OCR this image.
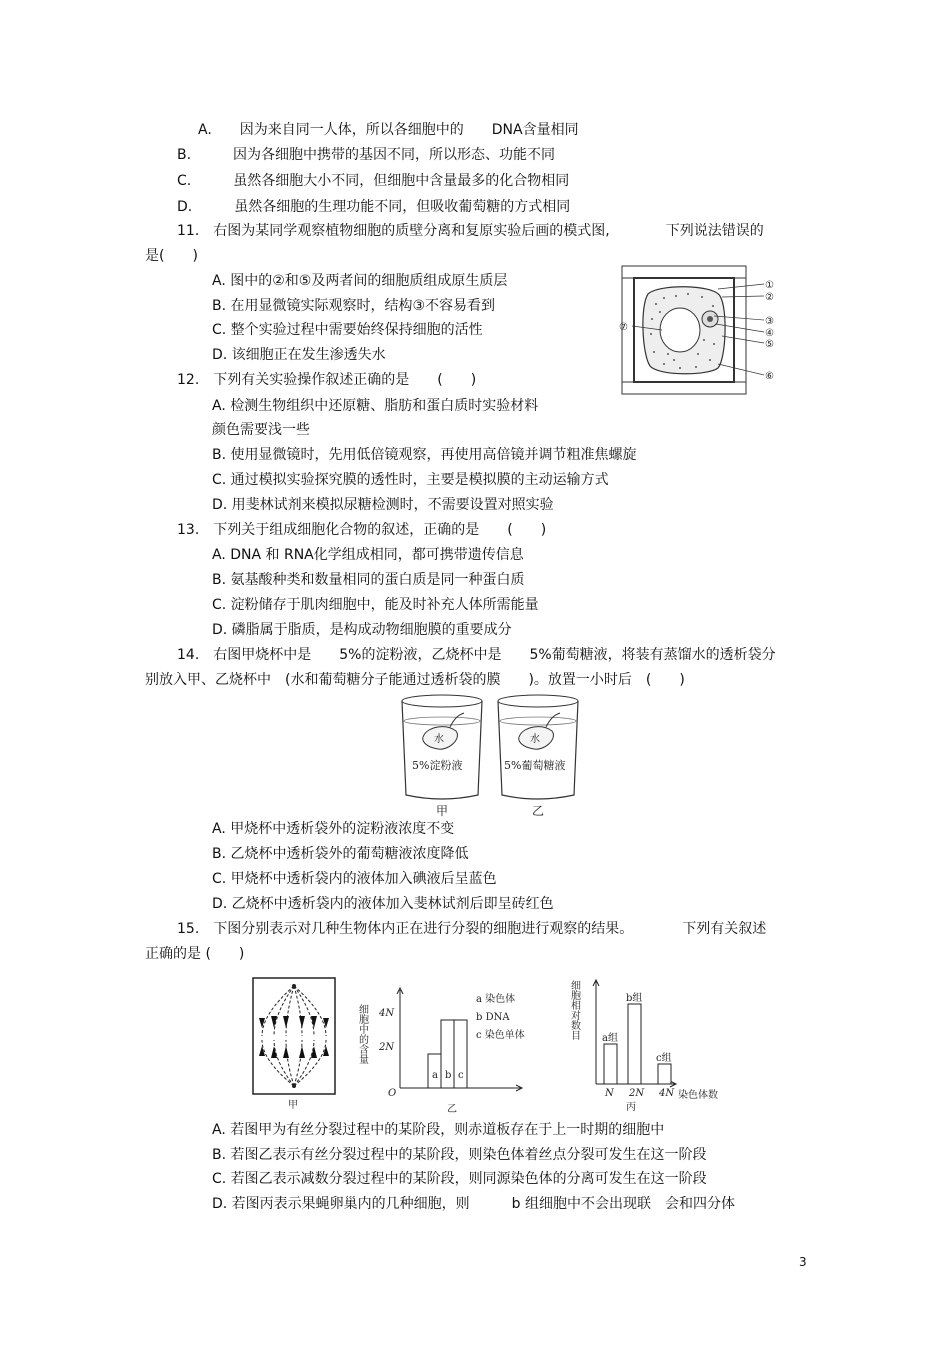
A.　　因为来自同一人体，所以各细胞中的　　DNA含量相同
B.　　　因为各细胞中携带的基因不同，所以形态、功能不同
C.　　　虽然各细胞大小不同，但细胞中含量最多的化合物相同
D.　　　虽然各细胞的生理功能不同，但吸收葡萄糖的方式相同
11.　右图为某同学观察植物细胞的质壁分离和复原实验后画的模式图,　　　　下列说法错误的
是(　　)
A. 图中的②和⑤及两者间的细胞质组成原生质层
B. 在用显微镜实际观察时，结构③不容易看到
C. 整个实验过程中需要始终保持细胞的活性
D. 该细胞正在发生渗透失水
①
②
③
④
⑤
⑥
⑦
12.　下列有关实验操作叙述正确的是　　(　　)
A. 检测生物组织中还原糖、脂肪和蛋白质时实验材料
颜色需要浅一些
B. 使用显微镜时，先用低倍镜观察，再使用高倍镜并调节粗准焦螺旋
C. 通过模拟实验探究膜的透性时，主要是模拟膜的主动运输方式
D. 用斐林试剂来模拟尿糖检测时，不需要设置对照实验
13.　下列关于组成细胞化合物的叙述，正确的是　　(　　)
A. DNA 和 RNA化学组成相同，都可携带遗传信息
B. 氨基酸种类和数量相同的蛋白质是同一种蛋白质
C. 淀粉储存于肌肉细胞中，能及时补充人体所需能量
D. 磷脂属于脂质，是构成动物细胞膜的重要成分
14.　右图甲烧杯中是　　5%的淀粉液，乙烧杯中是　　5%葡萄糖液，将装有蒸馏水的透析袋分
别放入甲、乙烧杯中　(水和葡萄糖分子能通过透析袋的膜　　)。放置一小时后　(　　)
水
5%淀粉液
甲
水
5%葡萄糖液
乙
A. 甲烧杯中透析袋外的淀粉液浓度不变
B. 乙烧杯中透析袋外的葡萄糖液浓度降低
C. 甲烧杯中透析袋内的液体加入碘液后呈蓝色
D. 乙烧杯中透析袋内的液体加入斐林试剂后即呈砖红色
15.　下图分别表示对几种生物体内正在进行分裂的细胞进行观察的结果。　　　　下列有关叙述
正确的是 (　　)
甲
细胞中的含量 4N
2N
O
a b c
a 染色体
b DNA
c 染色单体
乙
细胞相对数目 a组
N
b组
2N
c组
4N 染色体数
丙
A. 若图甲为有丝分裂过程中的某阶段，则赤道板存在于上一时期的细胞中
B. 若图乙表示有丝分裂过程中的某阶段，则染色体着丝点分裂可发生在这一阶段
C. 若图乙表示减数分裂过程中的某阶段，则同源染色体的分离可发生在这一阶段
D. 若图丙表示果蝇卵巢内的几种细胞，则　　　b 组细胞中不会出现联　会和四分体
3
